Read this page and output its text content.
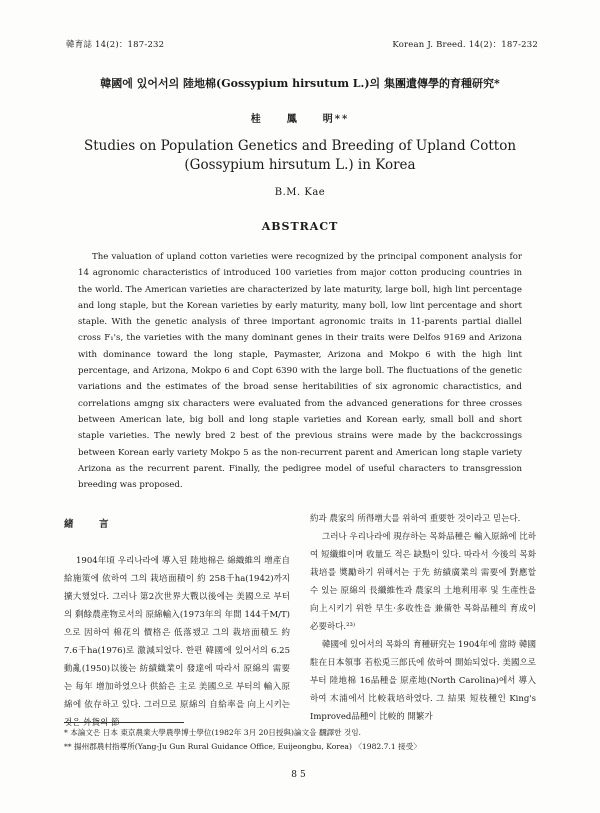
韓育誌 14(2)：187-232	Korean J. Breed. 14(2)：187-232
韓國에 있어서의 陸地棉(Gossypium hirsutum L.)의 集團遺傳學的育種研究*
桂　　鳳　　明**
Studies on Population Genetics and Breeding of Upland Cotton
(Gossypium hirsutum L.) in Korea
B.M. Kae
ABSTRACT

The valuation of upland cotton varieties were recognized by the principal component analysis for 14 agronomic characteristics of introduced 100 varieties from major cotton producing countries in the world. The American varieties are characterized by late maturity, large boll, high lint percentage and long staple, but the Korean varieties by early maturity, many boll, low lint percentage and short staple. With the genetic analysis of three important agronomic traits in 11-parents partial diallel cross F₁'s, the varieties with the many dominant genes in their traits were Delfos 9169 and Arizona with dominance toward the long staple, Paymaster, Arizona and Mokpo 6 with the high lint percentage, and Arizona, Mokpo 6 and Copt 6390 with the large boll. The fluctuations of the genetic variations and the estimates of the broad sense heritabilities of six agronomic charactistics, and correlations amgng six characters were evaluated from the advanced generations for three crosses between American late, big boll and long staple varieties and Korean early, small boll and short staple varieties. The newly bred 2 best of the previous strains were made by the backcrossings between Korean early variety Mokpo 5 as the non-recurrent parent and American long staple variety Arizona as the recurrent parent. Finally, the pedigree model of useful characters to transgression breeding was proposed.

緒　言

1904年頃 우리나라에 導入된 陸地棉은 綿織維의 增產自給施策에 依하여 그의 栽培面積이 約 258千ha(1942)까지 擴大했었다. 그러나 第2次世界大戰以後에는 美國으로 부터의 剩餘農產物로서의 原綿輸入(1973年의 年間 144千M/T)으로 因하여 棉花의 價格은 低落됐고 그의 栽培面積도 約 7.6千ha(1976)로 激減되었다. 한편 韓國에 있어서의 6.25動亂(1950)以後는 紡績織業이 發達에 따라서 原綿의 需要는 每年 增加하였으나 供給은 主로 美國으로 부터의 輸入原綿에 依存하고 있다. 그러므로 原綿의 自給率을 向上시키는 것은 外貨의 節

約과 農家의 所得增大를 위하여 重要한 것이라고 믿는다.

그러나 우리나라에 現存하는 목화品種은 輸入原綿에 比하여 短纖維이며 收量도 적은 缺點이 있다. 따라서 今後의 목화栽培를 奬勵하기 위해서는 于先 紡績廣業의 需要에 對應할 수 있는 原綿의 長纖維性과 農家의 土地利用率 및 生產性을 向上시키기 위한 早生·多收性을 兼備한 목화品種의 育成이 必要하다.²³⁾

韓國에 있어서의 목화의 育種研究는 1904年에 當時 韓國駐在日本領事 若松兎三郎氏에 依하여 開始되었다. 美國으로부터 陸地棉 16品種을 原產地(North Carolina)에서 導入하여 木浦에서 比較栽培하였다. 그 結果 短枝種인 King's Improved品種이 比較的 開繁가

* 本論文은 日本 東京農業大學農學博士學位(1982年 3月 20日授與)論文을 飜譯한 것임.
** 揚州郡農村指導所(Yang-Ju Gun Rural Guidance Office, Euijeongbu, Korea) 〈1982.7.1 接受〉
85
